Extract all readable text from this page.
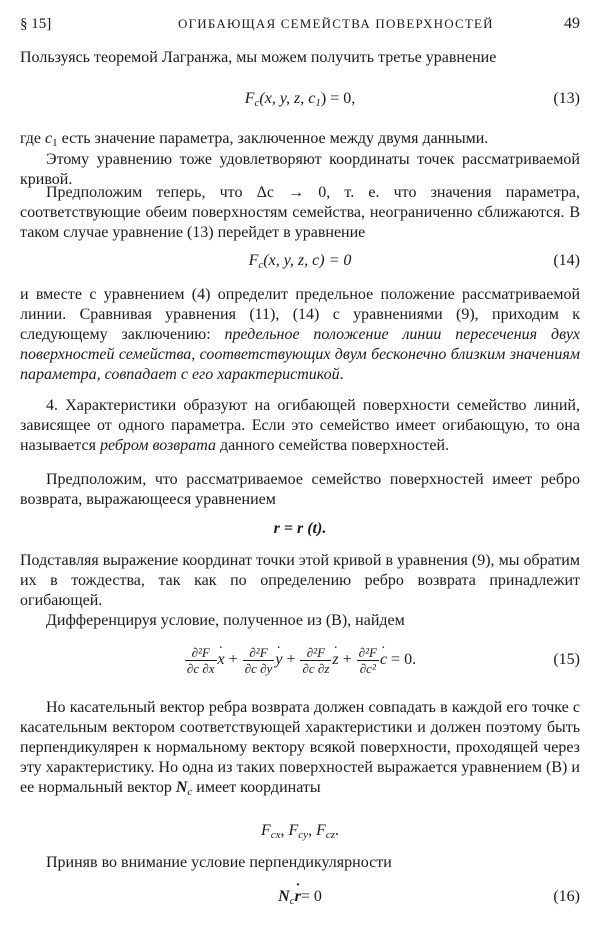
§ 15]	ОГИБАЮЩАЯ СЕМЕЙСТВА ПОВЕРХНОСТЕЙ	49
Пользуясь теоремой Лагранжа, мы можем получить третье уравнение
$F_c(x$, y, z, $c_1) = 0$,	(13)
где $c_1$ есть значение параметра, заключенное между двумя данными.
Этому уравнению тоже удовлетворяют координаты точек рассматриваемой кривой.
Предположим теперь, что Δc → 0, т. е. что значения параметра, соответствующие обеим поверхностям семейства, неограниченно сближаются. В таком случае уравнение (13) перейдет в уравнение
$F_c(x$, y, z, c) = 0	(14)
и вместе с уравнением (4) определит предельное положение рассматриваемой линии. Сравнивая уравнения (11), (14) с уравнениями (9), приходим к следующему заключению: предельное положение линии пересечения двух поверхностей семейства, соответствующих двум бесконечно близким значениям параметра, совпадает с его характеристикой.
4. Характеристики образуют на огибающей поверхности семейство линий, зависящее от одного параметра. Если это семейство имеет огибающую, то она называется ребром возврата данного семейства поверхностей.
Предположим, что рассматриваемое семейство поверхностей имеет ребро возврата, выражающееся уравнением
r = r (t).
Подставляя выражение координат точки этой кривой в уравнения (9), мы обратим их в тождества, так как по определению ребро возврата принадлежит огибающей.
Дифференцируя условие, полученное из (В), найдем
$\frac{\text{∂²F}}{\partial c \partial x}$ x · + $\frac{\text{∂²F}}{\partial c \partial y}$ y · + $\frac{\text{∂²F}}{\partial c \partial z}$ z · + $\frac{\text{∂²F}}{\text{∂c²}}$ c · = 0.	(15)
Но касательный вектор ребра возврата должен совпадать в каждой его точке с касательным вектором соответствующей характеристики и должен поэтому быть перпендикулярен к нормальному вектору всякой поверхности, проходящей через эту характеристику. Но одна из таких поверхностей выражается уравнением (В) и ее нормальный вектор $N_c$ имеет координаты
$F_{cx}$, $F_{cy}$, $F_{cz}$.
Приняв во внимание условие перпендикулярности
$N_cr \cdot= 0$	(16)
